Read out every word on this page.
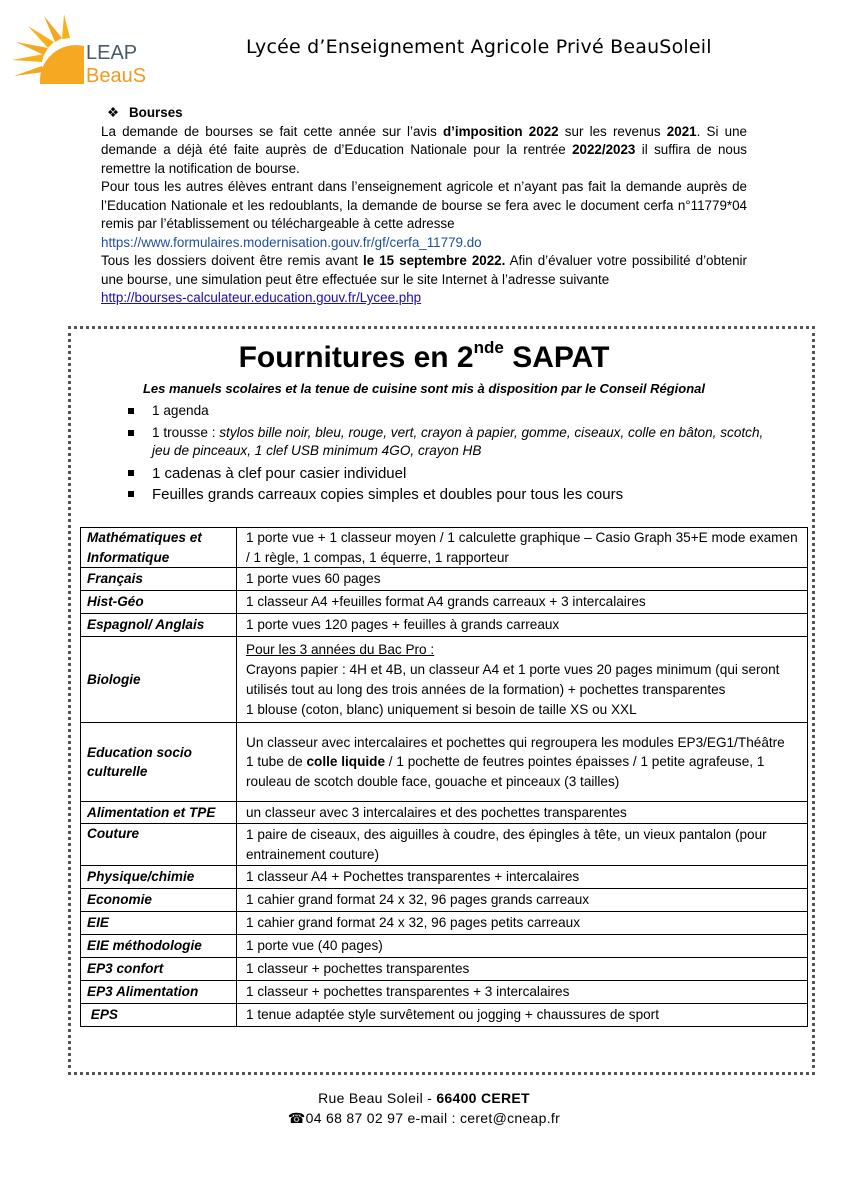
LEAP
BeauS
Lycée d’Enseignement Agricole Privé BeauSoleil
❖ Bourses

La demande de bourses se fait cette année sur l’avis d’imposition 2022 sur les revenus 2021. Si une demande a déjà été faite auprès de d’Education Nationale pour la rentrée 2022/2023 il suffira de nous remettre la notification de bourse.

Pour tous les autres élèves entrant dans l’enseignement agricole et n’ayant pas fait la demande auprès de l’Education Nationale et les redoublants, la demande de bourse se fera avec le document cerfa n°11779*04 remis par l’établissement ou téléchargeable à cette adresse

https://www.formulaires.modernisation.gouv.fr/gf/cerfa_11779.do

Tous les dossiers doivent être remis avant le 15 septembre 2022. Afin d’évaluer votre possibilité d’obtenir une bourse, une simulation peut être effectuée sur le site Internet à l’adresse suivante

http://bourses-calculateur.education.gouv.fr/Lycee.php

Fournitures en 2nde SAPAT
Les manuels scolaires et la tenue de cuisine sont mis à disposition par le Conseil Régional
1 agenda
1 trousse : stylos bille noir, bleu, rouge, vert, crayon à papier, gomme, ciseaux, colle en bâton, scotch, jeu de pinceaux, 1 clef USB minimum 4GO, crayon HB
1 cadenas à clef pour casier individuel
Feuilles grands carreaux copies simples et doubles pour tous les cours
Mathématiques et Informatique	1 porte vue + 1 classeur moyen / 1 calculette graphique – Casio Graph 35+E mode examen / 1 règle, 1 compas, 1 équerre, 1 rapporteur
Français	1 porte vues 60 pages
Hist-Géo	1 classeur A4 +feuilles format A4 grands carreaux + 3 intercalaires
Espagnol/ Anglais	1 porte vues 120 pages + feuilles à grands carreaux
Biologie	Pour les 3 années du Bac Pro :
Crayons papier : 4H et 4B, un classeur A4 et 1 porte vues 20 pages minimum (qui seront utilisés tout au long des trois années de la formation) + pochettes transparentes
1 blouse (coton, blanc) uniquement si besoin de taille XS ou XXL

Education socio culturelle	Un classeur avec intercalaires et pochettes qui regroupera les modules EP3/EG1/Théâtre
1 tube de colle liquide / 1 pochette de feutres pointes épaisses / 1 petite agrafeuse, 1 rouleau de scotch double face, gouache et pinceaux (3 tailles)

Alimentation et TPE	un classeur avec 3 intercalaires et des pochettes transparentes
Couture	1 paire de ciseaux, des aiguilles à coudre, des épingles à tête, un vieux pantalon (pour entrainement couture)
Physique/chimie	1 classeur A4 + Pochettes transparentes + intercalaires
Economie	1 cahier grand format 24 x 32, 96 pages grands carreaux
EIE	1 cahier grand format 24 x 32, 96 pages petits carreaux
EIE méthodologie	1 porte vue (40 pages)
EP3 confort	1 classeur + pochettes transparentes
EP3 Alimentation	1 classeur + pochettes transparentes + 3 intercalaires
EPS	1 tenue adaptée style survêtement ou jogging + chaussures de sport
Rue Beau Soleil - 66400 CERET
☎04 68 87 02 97 e-mail : ceret@cneap.fr
